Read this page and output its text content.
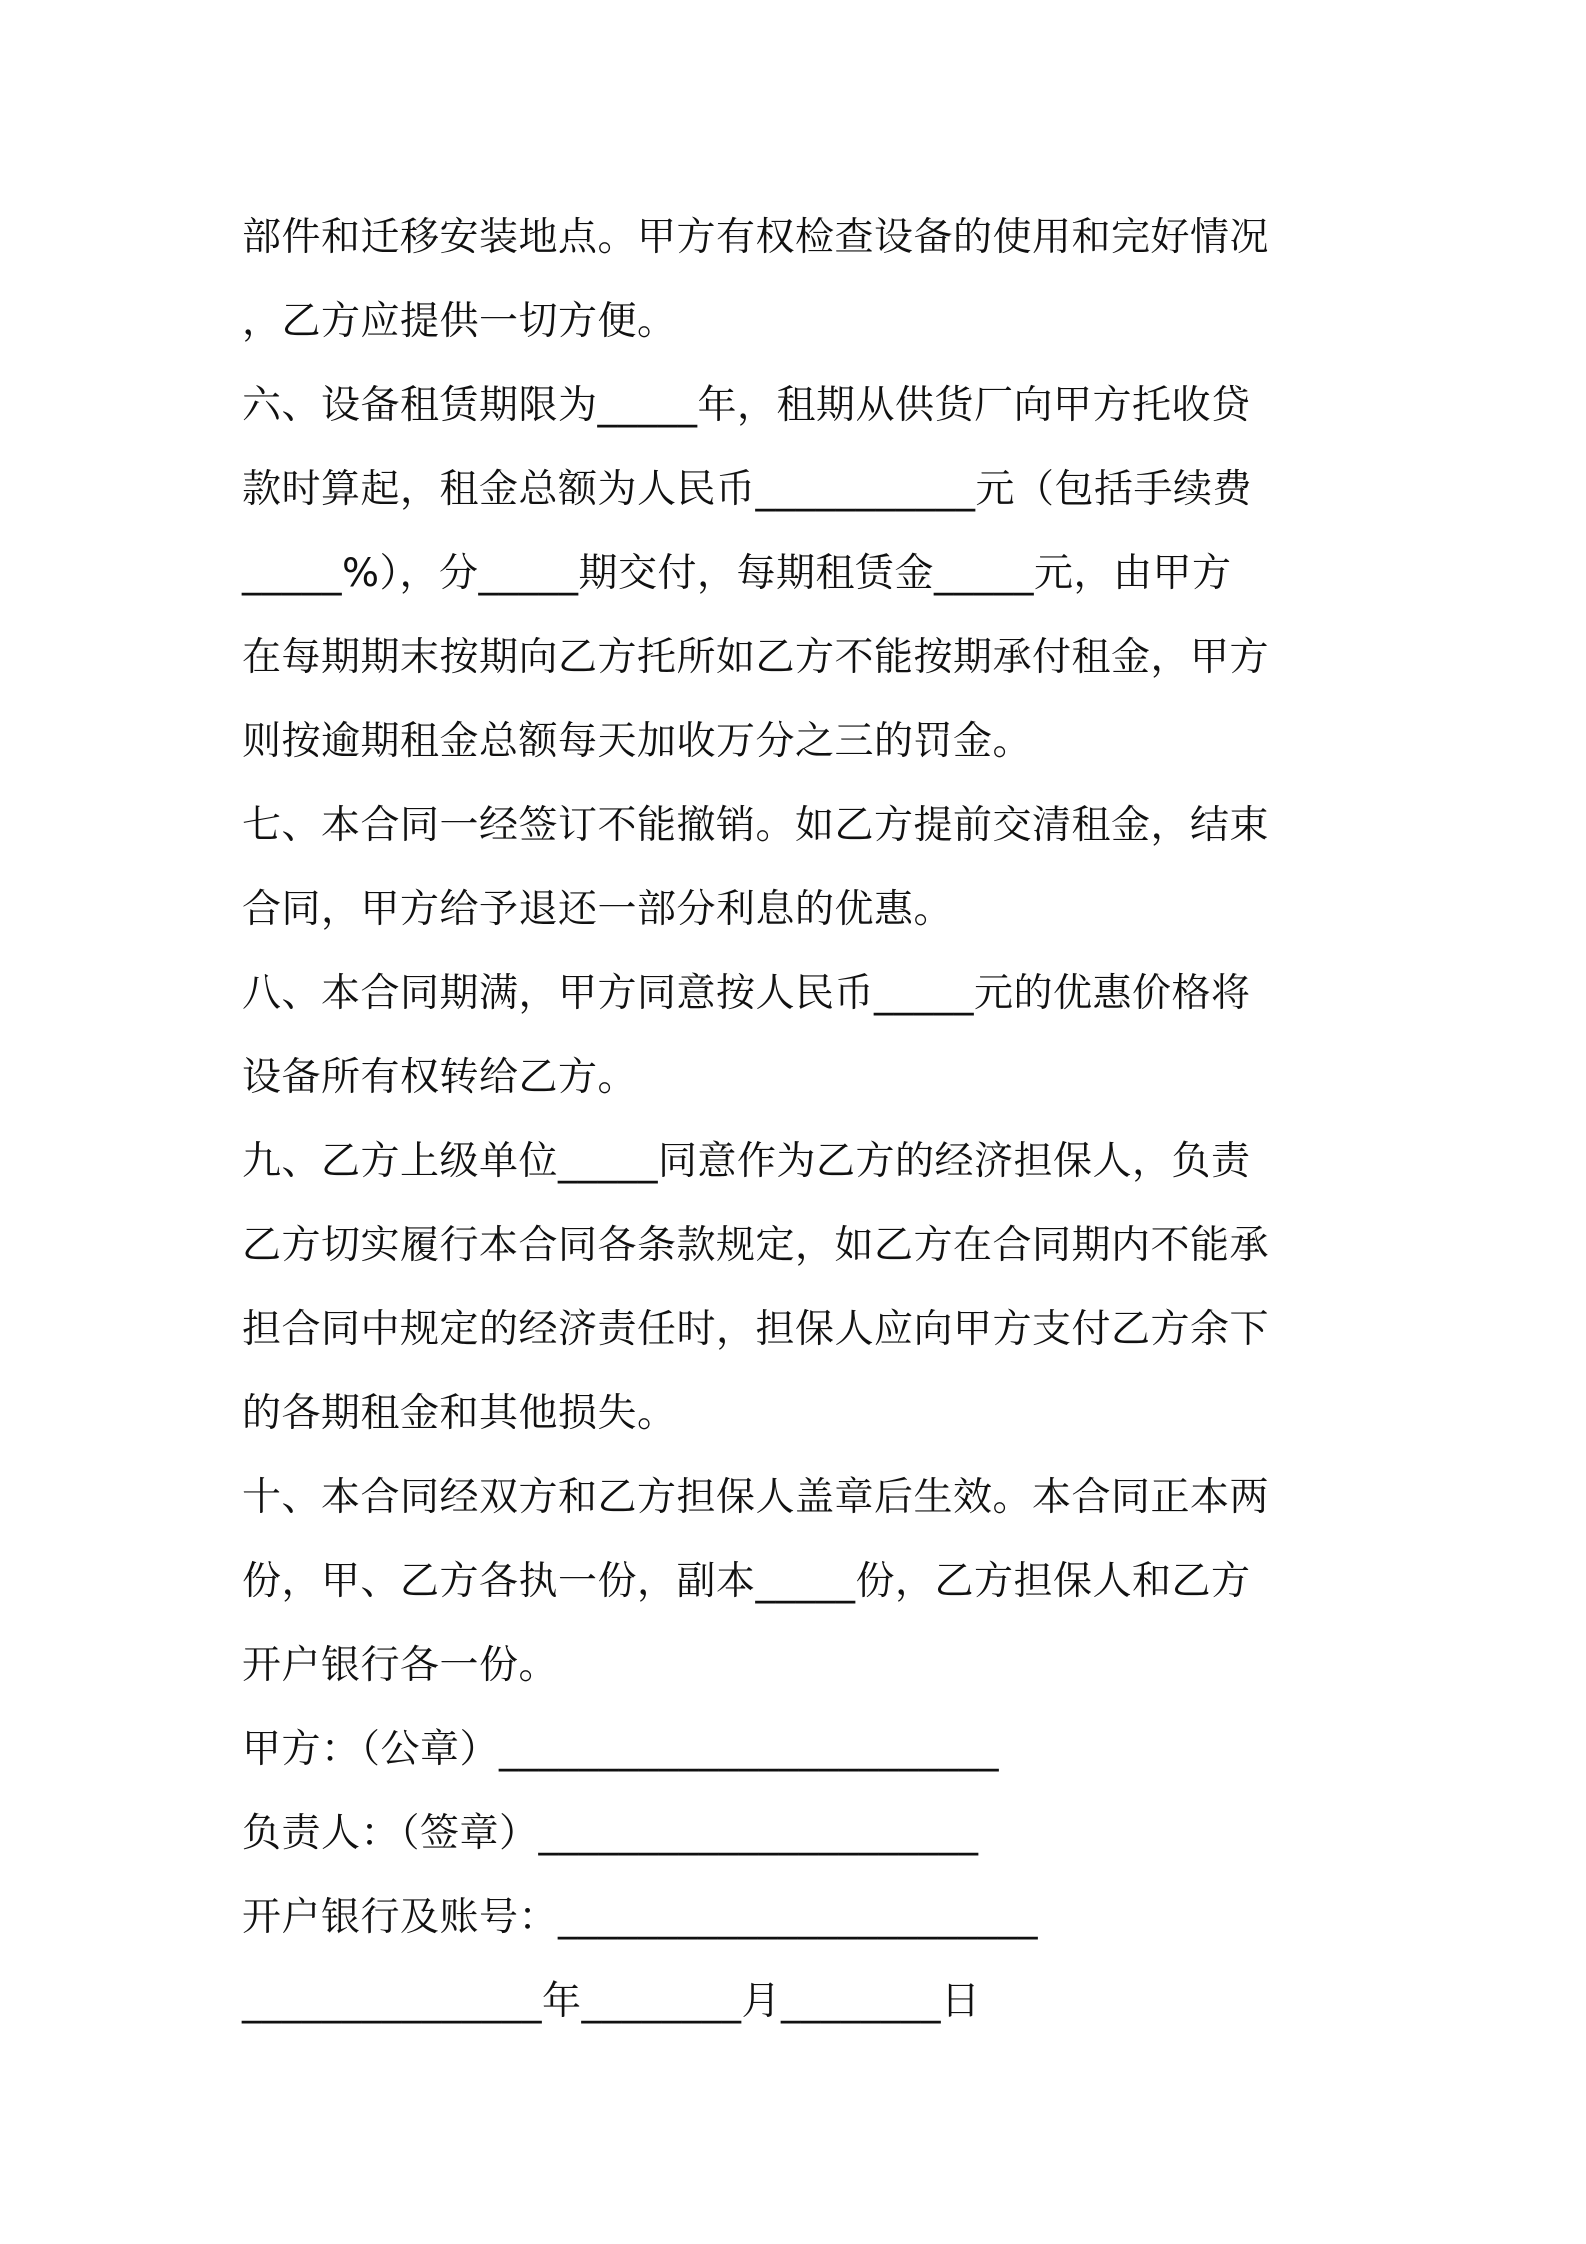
部件和迁移安装地点。甲方有权检查设备的使用和完好情况
，乙方应提供一切方便。
六、设备租赁期限为_____年，租期从供货厂向甲方托收贷
款时算起，租金总额为人民币___________元（包括手续费
_____%），分_____期交付，每期租赁金_____元，由甲方
在每期期末按期向乙方托所如乙方不能按期承付租金，甲方
则按逾期租金总额每天加收万分之三的罚金。
七、本合同一经签订不能撤销。如乙方提前交清租金，结束
合同，甲方给予退还一部分利息的优惠。
八、本合同期满，甲方同意按人民币_____元的优惠价格将
设备所有权转给乙方。
九、乙方上级单位_____同意作为乙方的经济担保人，负责
乙方切实履行本合同各条款规定，如乙方在合同期内不能承
担合同中规定的经济责任时，担保人应向甲方支付乙方余下
的各期租金和其他损失。
十、本合同经双方和乙方担保人盖章后生效。本合同正本两
份，甲、乙方各执一份，副本_____份，乙方担保人和乙方
开户银行各一份。
甲方：（公章）_________________________
负责人：（签章）______________________
开户银行及账号：________________________
_______________年________月________日
